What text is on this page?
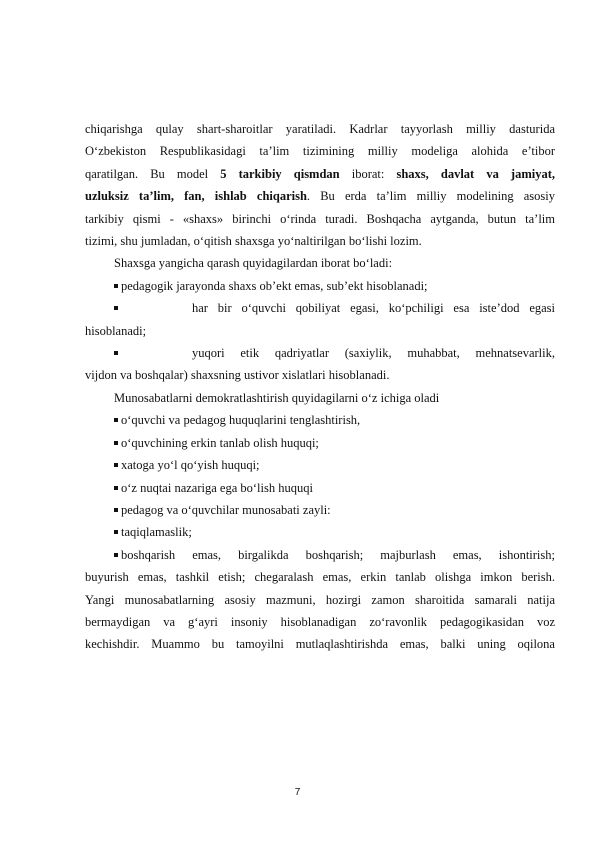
chiqarishga qulay shart-sharoitlar yaratiladi. Kadrlar tayyorlash milliy dasturida

O‘zbekiston Respublikasidagi ta’lim tizimining milliy modeliga alohida e’tibor

qaratilgan. Bu model 5 tarkibiy qismdan iborat: shaxs, davlat va jamiyat,

uzluksiz ta’lim, fan, ishlab chiqarish. Bu erda ta’lim milliy modelining asosiy

tarkibiy qismi - «shaxs» birinchi o‘rinda turadi. Boshqacha aytganda, butun ta’lim

tizimi, shu jumladan, o‘qitish shaxsga yo‘naltirilgan bo‘lishi lozim.

Shaxsga yangicha qarash quyidagilardan iborat bo‘ladi:

pedagogik jarayonda shaxs ob’ekt emas, sub’ekt hisoblanadi;

har bir o‘quvchi qobiliyat egasi, ko‘pchiligi esa iste’dod egasi

hisoblanadi;

yuqori etik qadriyatlar (saxiylik, muhabbat, mehnatsevarlik,

vijdon va boshqalar) shaxsning ustivor xislatlari hisoblanadi.

Munosabatlarni demokratlashtirish quyidagilarni o‘z ichiga oladi

o‘quvchi va pedagog huquqlarini tenglashtirish,

o‘quvchining erkin tanlab olish huquqi;

xatoga yo‘l qo‘yish huquqi;

o‘z nuqtai nazariga ega bo‘lish huquqi

pedagog va o‘quvchilar munosabati zayli:

taqiqlamaslik;

boshqarish emas, birgalikda boshqarish; majburlash emas, ishontirish;

buyurish emas, tashkil etish; chegaralash emas, erkin tanlab olishga imkon berish.

Yangi munosabatlarning asosiy mazmuni, hozirgi zamon sharoitida samarali natija

bermaydigan va g‘ayri insoniy hisoblanadigan zo‘ravonlik pedagogikasidan voz

kechishdir. Muammo bu tamoyilni mutlaqlashtirishda emas, balki uning oqilona

7
